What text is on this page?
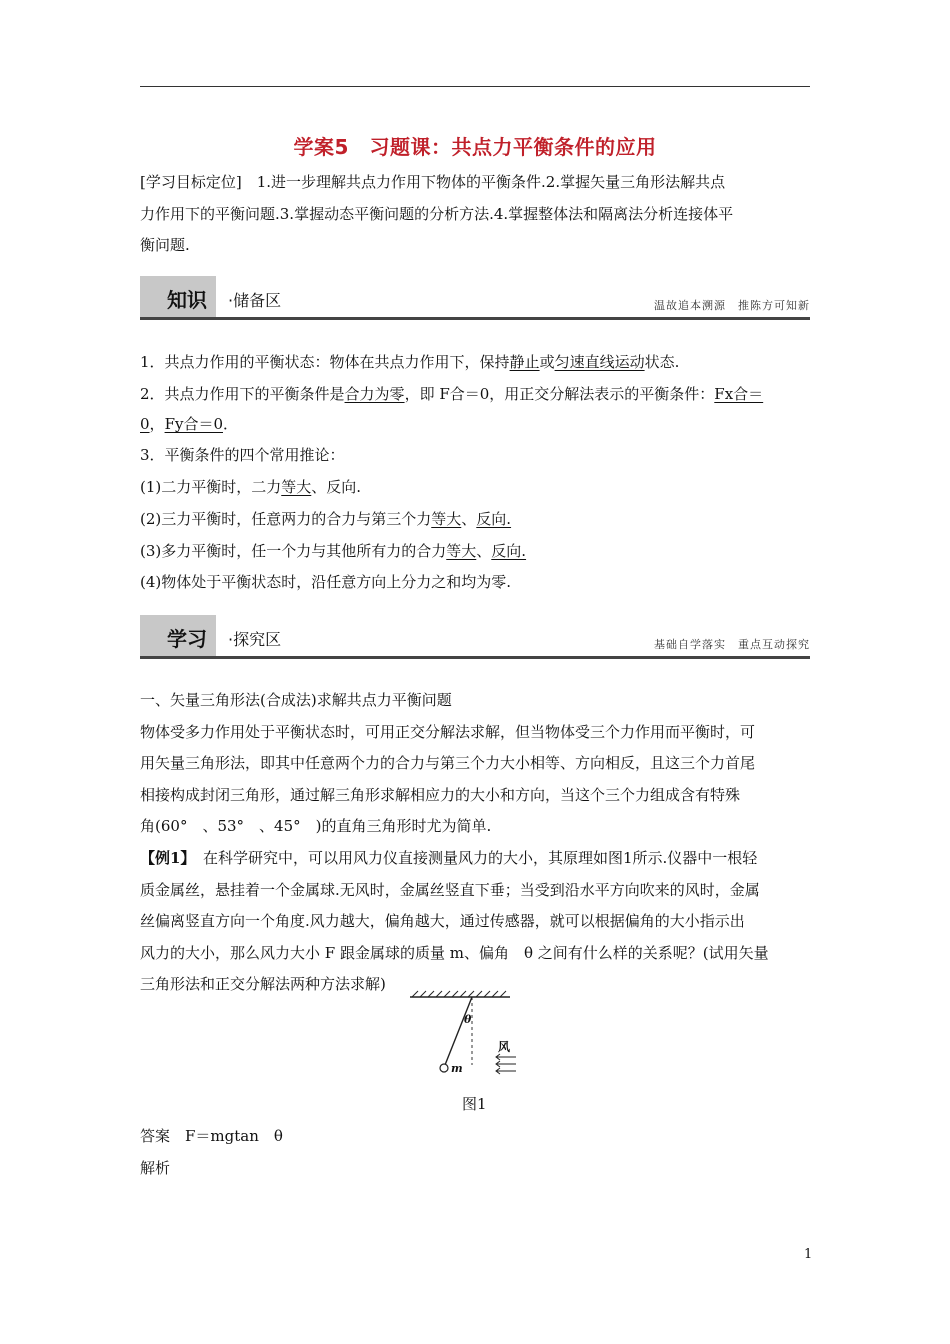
学案5　习题课：共点力平衡条件的应用
[学习目标定位]　1.进一步理解共点力作用下物体的平衡条件.2.掌握矢量三角形法解共点
力作用下的平衡问题.3.掌握动态平衡问题的分析方法.4.掌握整体法和隔离法分析连接体平
衡问题.
知识 ·储备区	温故追本溯源　推陈方可知新
1．共点力作用的平衡状态：物体在共点力作用下，保持静止或匀速直线运动状态.
2．共点力作用下的平衡条件是合力为零，即 F合＝0，用正交分解法表示的平衡条件：Fx合＝
0，Fy合＝0．
3．平衡条件的四个常用推论：
(1)二力平衡时，二力等大、反向.
(2)三力平衡时，任意两力的合力与第三个力等大、反向.
(3)多力平衡时，任一个力与其他所有力的合力等大、反向.
(4)物体处于平衡状态时，沿任意方向上分力之和均为零.
学习 ·探究区	基础自学落实　重点互动探究
一、矢量三角形法(合成法)求解共点力平衡问题
物体受多力作用处于平衡状态时，可用正交分解法求解，但当物体受三个力作用而平衡时，可
用矢量三角形法，即其中任意两个力的合力与第三个力大小相等、方向相反，且这三个力首尾
相接构成封闭三角形，通过解三角形求解相应力的大小和方向，当这个三个力组成含有特殊
角(60°　、53°　、45°　)的直角三角形时尤为简单.
【例1】　在科学研究中，可以用风力仪直接测量风力的大小，其原理如图1所示.仪器中一根轻
质金属丝，悬挂着一个金属球.无风时，金属丝竖直下垂；当受到沿水平方向吹来的风时，金属
丝偏离竖直方向一个角度.风力越大，偏角越大，通过传感器，就可以根据偏角的大小指示出
风力的大小，那么风力大小 F 跟金属球的质量 m、偏角　θ 之间有什么样的关系呢？(试用矢量
三角形法和正交分解法两种方法求解)
θ
m
风
图1
答案　F＝mgtan　θ
解析
1
